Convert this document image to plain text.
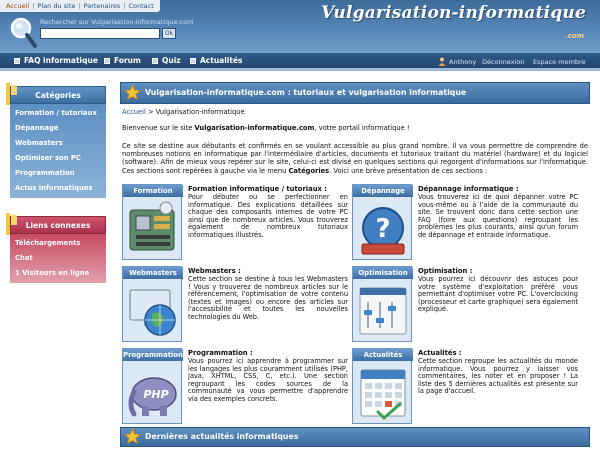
Accueil | Plan du site | Partenaires | Contact
Rechercher sur Vulgarisation-informatique.com
Ok
Vulgarisation-informatique
.com
FAQ informatique Forum	Quiz	Actualités	Anthony Déconnexion Espace membre
Catégories
Formation / tutoriaux
Dépannage
Webmasters
Optimiser son PC
Programmation
Actus informatiques
Liens connexes
Téléchargements
Chat
1 Visiteurs en ligne
Vulgarisation-informatique.com : tutoriaux et vulgarisation informatique
Accueil > Vulgarisation-informatique
Bienvenue sur le site Vulgarisation-informatique.com, votre portail informatique !
Ce site se destine aux débutants et confirmés en se voulant accessible au plus grand nombre. Il va vous permettre de comprendre de nombreuses notions en informatique par l'intermédiaire d'articles, documents et tutoriaux traitant du matériel (hardware) et du logiciel (software). Afin de mieux vous repérer sur le site, celui-ci est divisé en quelques sections qui regorgent d'informations sur l'informatique. Ces sections sont repérées à gauche via le menu Catégories. Voici une brève présentation de ces sections :
Formation	Formation informatique / tutoriaux :
Pour débuter ou se perfectionner en informatique. Des explications détaillées sur chaque des composants internes de votre PC ainsi que de nombreux articles. Vous trouverez également de nombreux tutoriaux informatiques illustrés.
Dépannage
?
Dépannage informatique :
Vous trouverez ici de quoi dépanner votre PC vous-même ou à l'aide de la communauté du site. Se trouvent donc dans cette section une FAQ (foire aux questions) regroupant les problèmes les plus courants, ainsi qu'un forum de dépannage et entraide informatique.
Webmasters	Webmasters :
Cette section se destine à tous les Webmasters ! Vous y trouverez de nombreux articles sur le référencement, l'optimisation de votre contenu (textes et images) ou encore des articles sur l'accessibilité et toutes les nouvelles technologies du Web.
Optimisation	Optimisation :
Vous pourrez ici découvrir des astuces pour votre système d'exploitation préféré vous permettant d'optimiser votre PC. L'overclocking (processeur et carte graphique) sera également expliqué.
Programmation
PHP
Programmation :
Vous pourrez ici apprendre à programmer sur les langages les plus couramment utilisés (PHP, Java, XHTML, CSS, C, etc.). Une section regroupant les codes sources de la communauté va vous permettre d'apprendre via des exemples concrets.
Actualités	Actualités :
Cette section regroupe les actualités du monde informatique. Vous pourrez y laisser vos commentaires, les noter et en proposer ! La liste des 5 dernières actualités est présente sur la page d'accueil.
Dernières actualités informatiques
